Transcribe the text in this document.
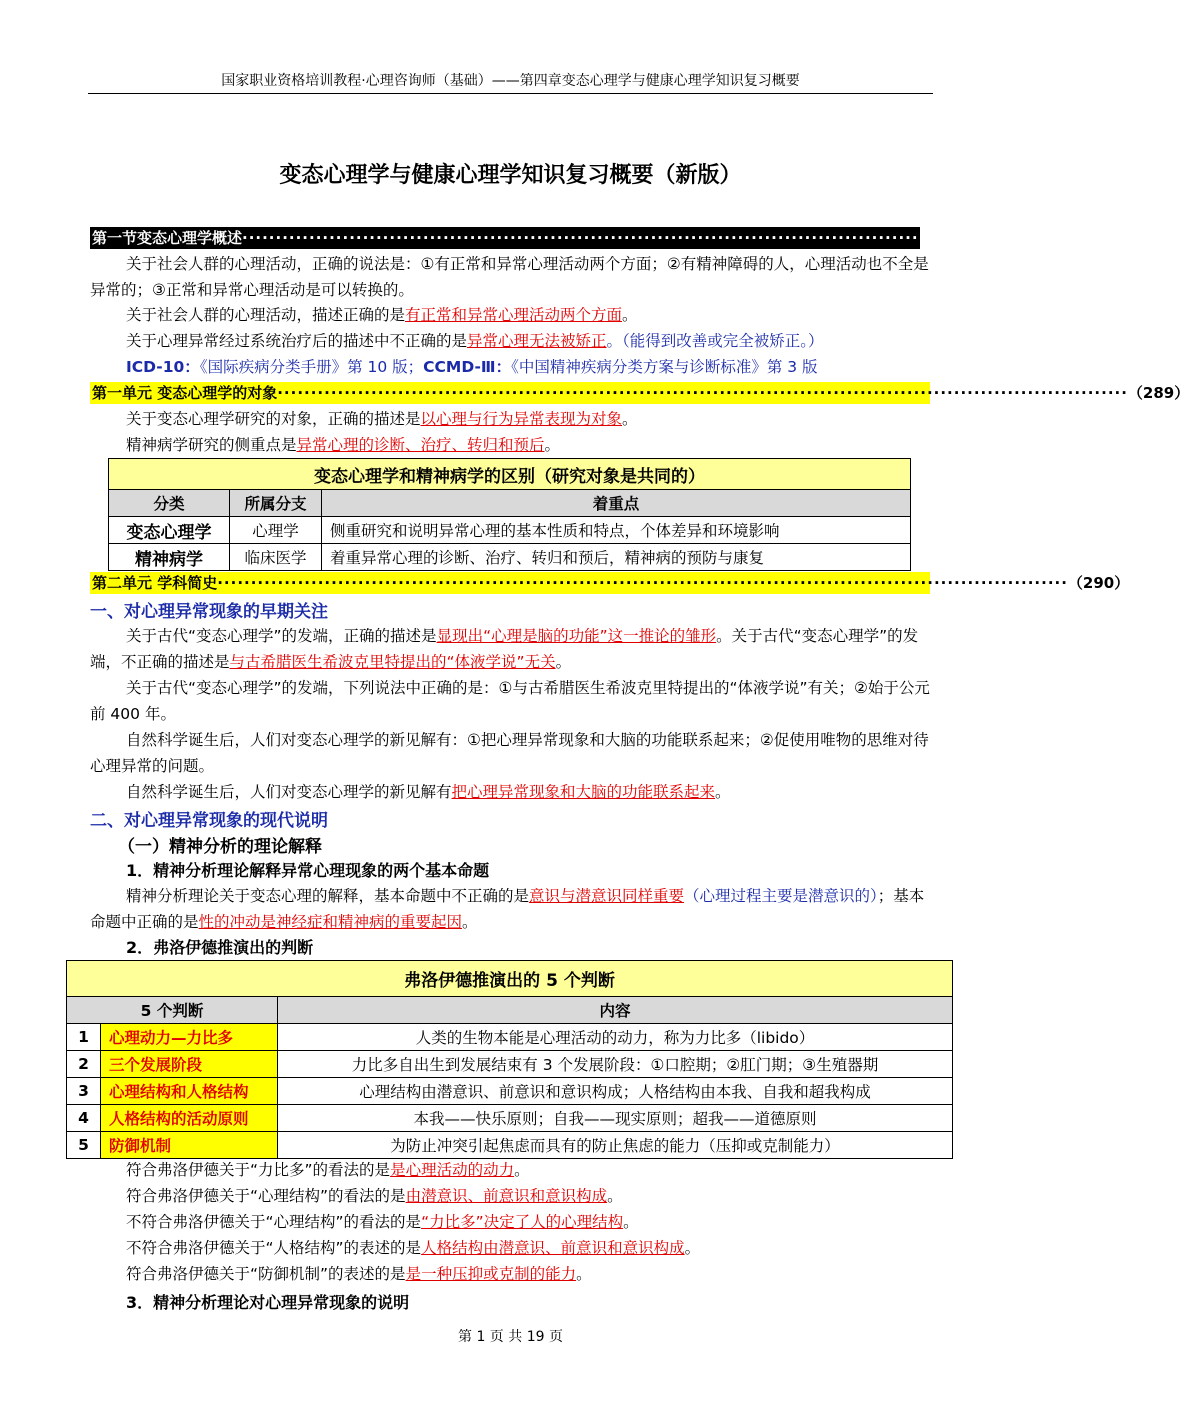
国家职业资格培训教程·心理咨询师（基础）——第四章变态心理学与健康心理学知识复习概要
变态心理学与健康心理学知识复习概要（新版）
第一节变态心理学概述 ······························································································································· （289）
关于社会人群的心理活动，正确的说法是：①有正常和异常心理活动两个方面；②有精神障碍的人，心理活动也不全是异常的；③正常和异常心理活动是可以转换的。
关于社会人群的心理活动，描述正确的是有正常和异常心理活动两个方面。
关于心理异常经过系统治疗后的描述中不正确的是异常心理无法被矫正。（能得到改善或完全被矫正。）
ICD-10：《国际疾病分类手册》第 10 版；CCMD-Ⅲ：《中国精神疾病分类方案与诊断标准》第 3 版
第一单元 变态心理学的对象 ······························································································································· （289）
关于变态心理学研究的对象，正确的描述是以心理与行为异常表现为对象。
精神病学研究的侧重点是异常心理的诊断、治疗、转归和预后。
变态心理学和精神病学的区别（研究对象是共同的）		
分类	所属分支	着重点
变态心理学	心理学	侧重研究和说明异常心理的基本性质和特点，个体差异和环境影响
精神病学	临床医学	着重异常心理的诊断、治疗、转归和预后，精神病的预防与康复
第二单元 学科简史 ······························································································································· （290）
一、对心理异常现象的早期关注
关于古代“变态心理学”的发端，正确的描述是显现出“心理是脑的功能”这一推论的雏形。关于古代“变态心理学”的发端，不正确的描述是与古希腊医生希波克里特提出的“体液学说”无关。
关于古代“变态心理学”的发端，下列说法中正确的是：①与古希腊医生希波克里特提出的“体液学说”有关；②始于公元前 400 年。
自然科学诞生后，人们对变态心理学的新见解有：①把心理异常现象和大脑的功能联系起来；②促使用唯物的思维对待心理异常的问题。
自然科学诞生后，人们对变态心理学的新见解有把心理异常现象和大脑的功能联系起来。
二、对心理异常现象的现代说明
（一）精神分析的理论解释
1．精神分析理论解释异常心理现象的两个基本命题
精神分析理论关于变态心理的解释，基本命题中不正确的是意识与潜意识同样重要（心理过程主要是潜意识的）；基本命题中正确的是性的冲动是神经症和精神病的重要起因。
2．弗洛伊德推演出的判断
弗洛伊德推演出的 5 个判断		
5 个判断		内容
1	心理动力—力比多	人类的生物本能是心理活动的动力，称为力比多（libido）
2	三个发展阶段	力比多自出生到发展结束有 3 个发展阶段：①口腔期；②肛门期；③生殖器期
3	心理结构和人格结构	心理结构由潜意识、前意识和意识构成；人格结构由本我、自我和超我构成
4	人格结构的活动原则	本我——快乐原则；自我——现实原则；超我——道德原则
5	防御机制	为防止冲突引起焦虑而具有的防止焦虑的能力（压抑或克制能力）
符合弗洛伊德关于“力比多”的看法的是是心理活动的动力。
符合弗洛伊德关于“心理结构”的看法的是由潜意识、前意识和意识构成。
不符合弗洛伊德关于“心理结构”的看法的是“力比多”决定了人的心理结构。
不符合弗洛伊德关于“人格结构”的表述的是人格结构由潜意识、前意识和意识构成。
符合弗洛伊德关于“防御机制”的表述的是是一种压抑或克制的能力。
3．精神分析理论对心理异常现象的说明
第 1 页 共 19 页
